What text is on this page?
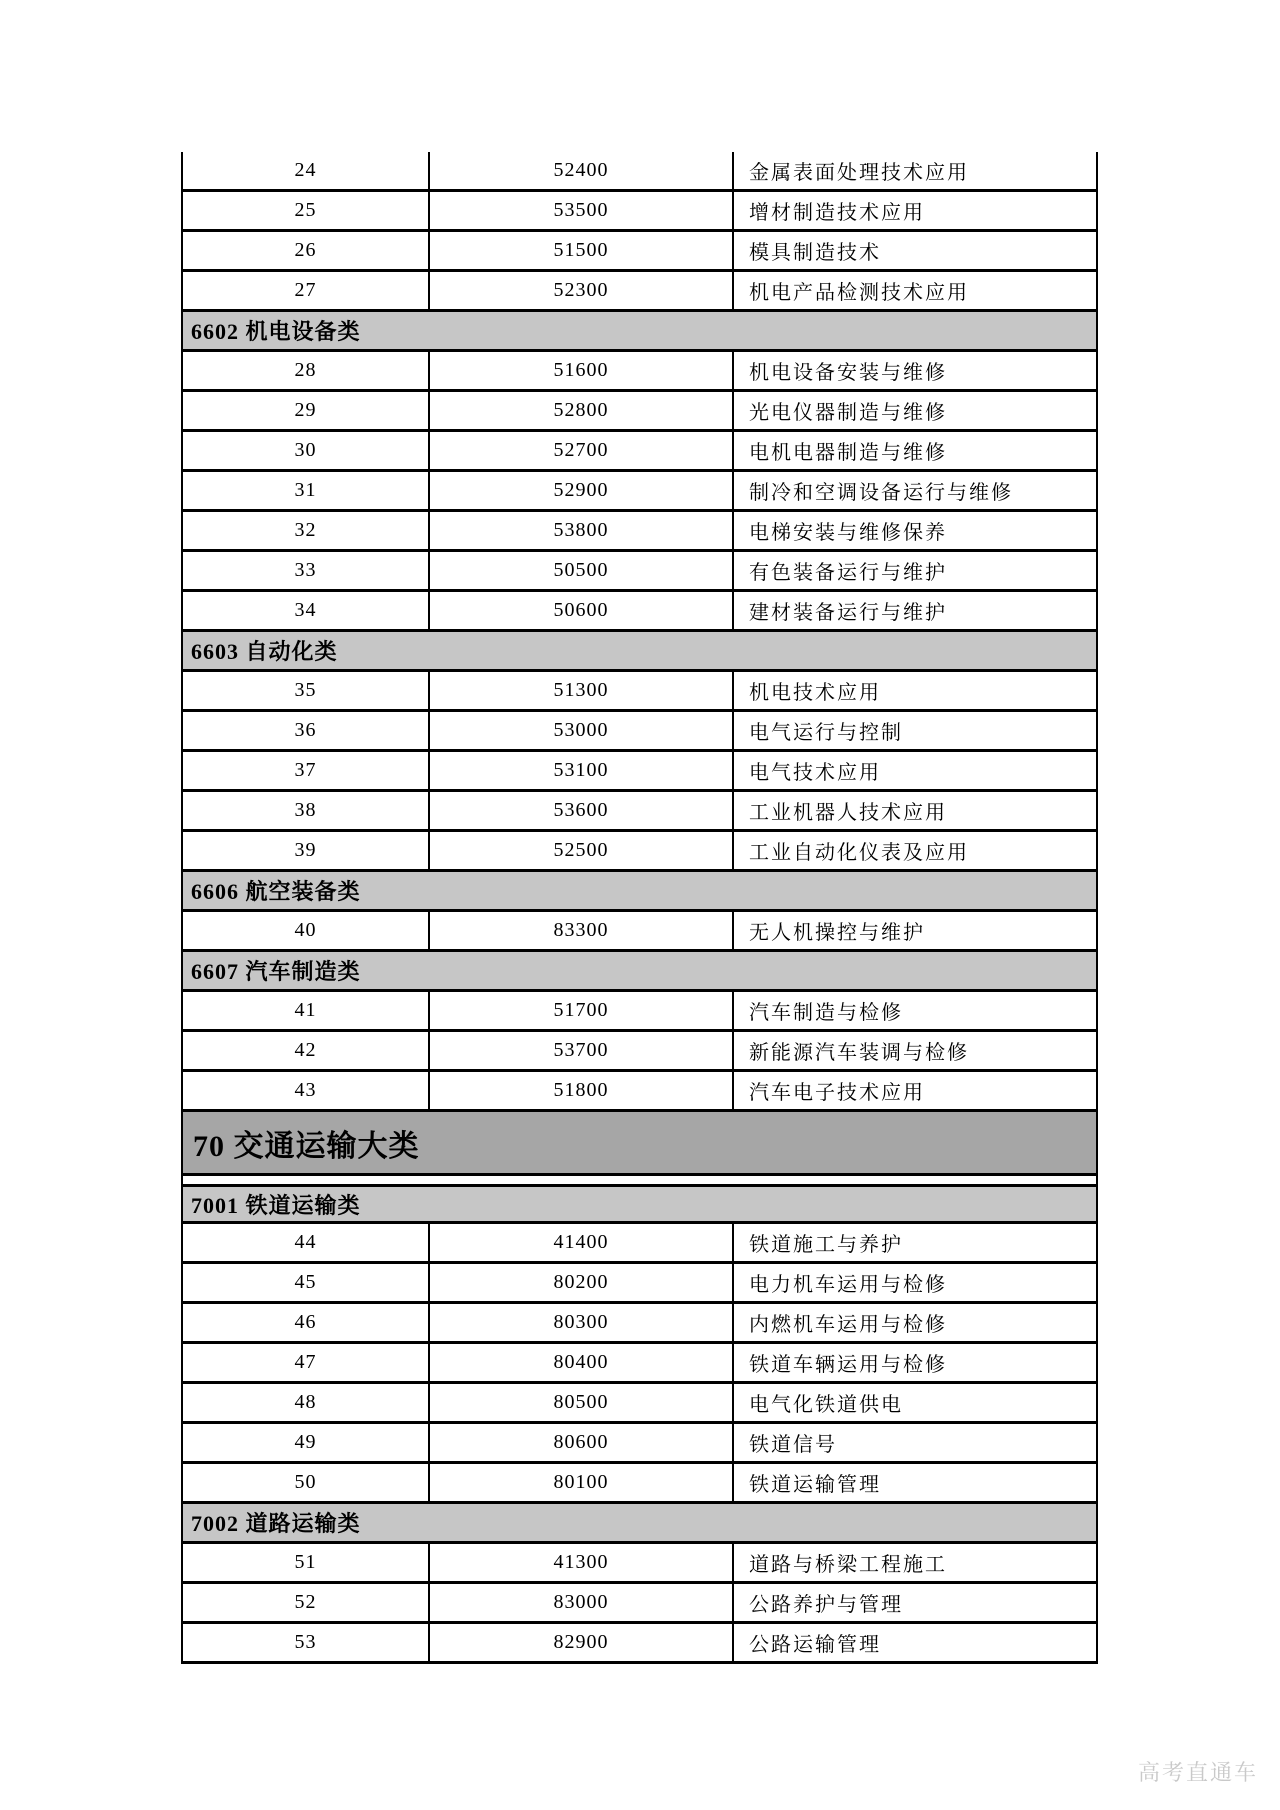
24	52400	金属表面处理技术应用
25	53500	增材制造技术应用
26	51500	模具制造技术
27	52300	机电产品检测技术应用
6602 机电设备类
28	51600	机电设备安装与维修
29	52800	光电仪器制造与维修
30	52700	电机电器制造与维修
31	52900	制冷和空调设备运行与维修
32	53800	电梯安装与维修保养
33	50500	有色装备运行与维护
34	50600	建材装备运行与维护
6603 自动化类
35	51300	机电技术应用
36	53000	电气运行与控制
37	53100	电气技术应用
38	53600	工业机器人技术应用
39	52500	工业自动化仪表及应用
6606 航空装备类
40	83300	无人机操控与维护
6607 汽车制造类
41	51700	汽车制造与检修
42	53700	新能源汽车装调与检修
43	51800	汽车电子技术应用
70 交通运输大类
7001 铁道运输类
44	41400	铁道施工与养护
45	80200	电力机车运用与检修
46	80300	内燃机车运用与检修
47	80400	铁道车辆运用与检修
48	80500	电气化铁道供电
49	80600	铁道信号
50	80100	铁道运输管理
7002 道路运输类
51	41300	道路与桥梁工程施工
52	83000	公路养护与管理
53	82900	公路运输管理
高考直通车
